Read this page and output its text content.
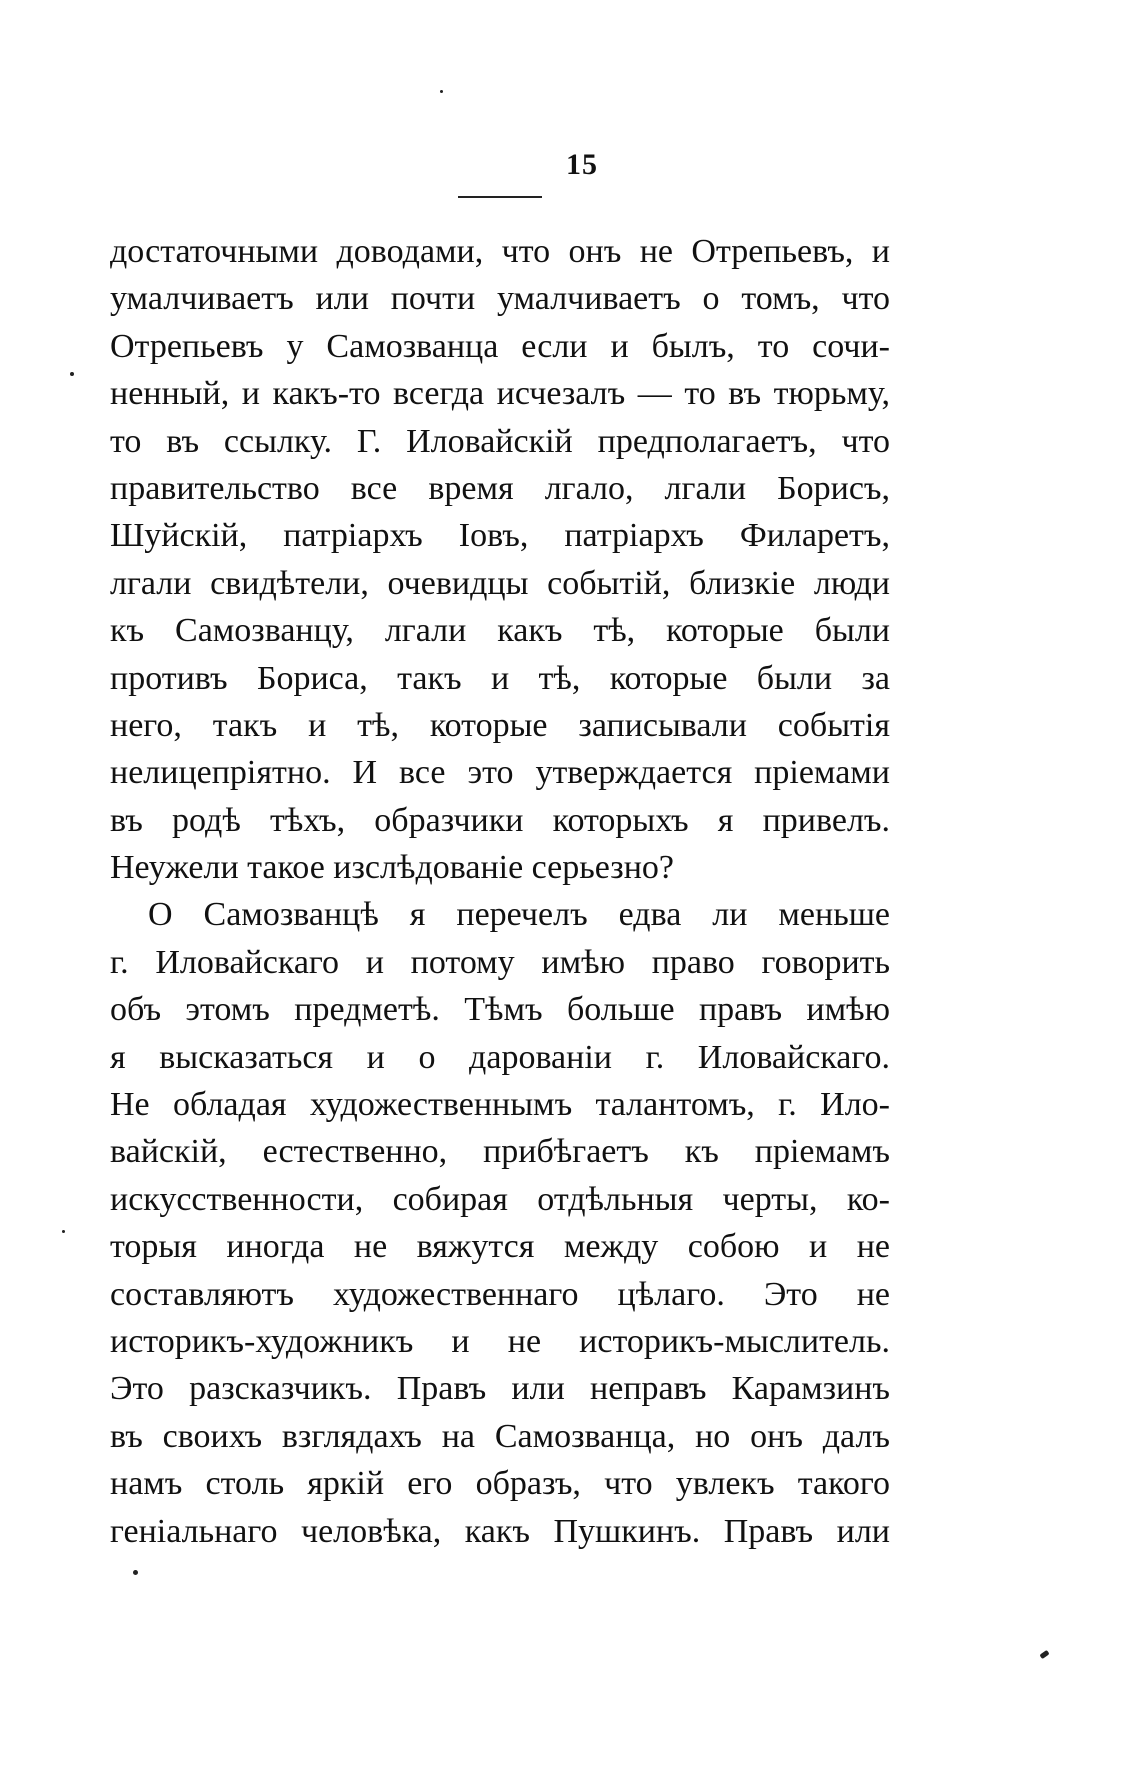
15
достаточными доводами, что онъ не Отрепьевъ, и
умалчиваетъ или почти умалчиваетъ о томъ, что
Отрепьевъ у Самозванца если и былъ, то сочи-
ненный, и какъ-то всегда исчезалъ — то въ тюрьму,
то въ ссылку. Г. Иловайскій предполагаетъ, что
правительство все время лгало, лгали Борисъ,
Шуйскій, патріархъ Іовъ, патріархъ Филаретъ,
лгали свидѣтели, очевидцы событій, близкіе люди
къ Самозванцу, лгали какъ тѣ, которые были
противъ Бориса, такъ и тѣ, которые были за
него, такъ и тѣ, которые записывали событія
нелицепріятно. И все это утверждается пріемами
въ родѣ тѣхъ, образчики которыхъ я привелъ.
Неужели такое изслѣдованіе серьезно?
О Самозванцѣ я перечелъ едва ли меньше
г. Иловайскаго и потому имѣю право говорить
объ этомъ предметѣ. Тѣмъ больше правъ имѣю
я высказаться и о дарованіи г. Иловайскаго.
Не обладая художественнымъ талантомъ, г. Ило-
вайскій, естественно, прибѣгаетъ къ пріемамъ
искусственности, собирая отдѣльныя черты, ко-
торыя иногда не вяжутся между собою и не
составляютъ художественнаго цѣлаго. Это не
историкъ-художникъ и не историкъ-мыслитель.
Это разсказчикъ. Правъ или неправъ Карамзинъ
въ своихъ взглядахъ на Самозванца, но онъ далъ
намъ столь яркій его образъ, что увлекъ такого
геніальнаго человѣка, какъ Пушкинъ. Правъ или
